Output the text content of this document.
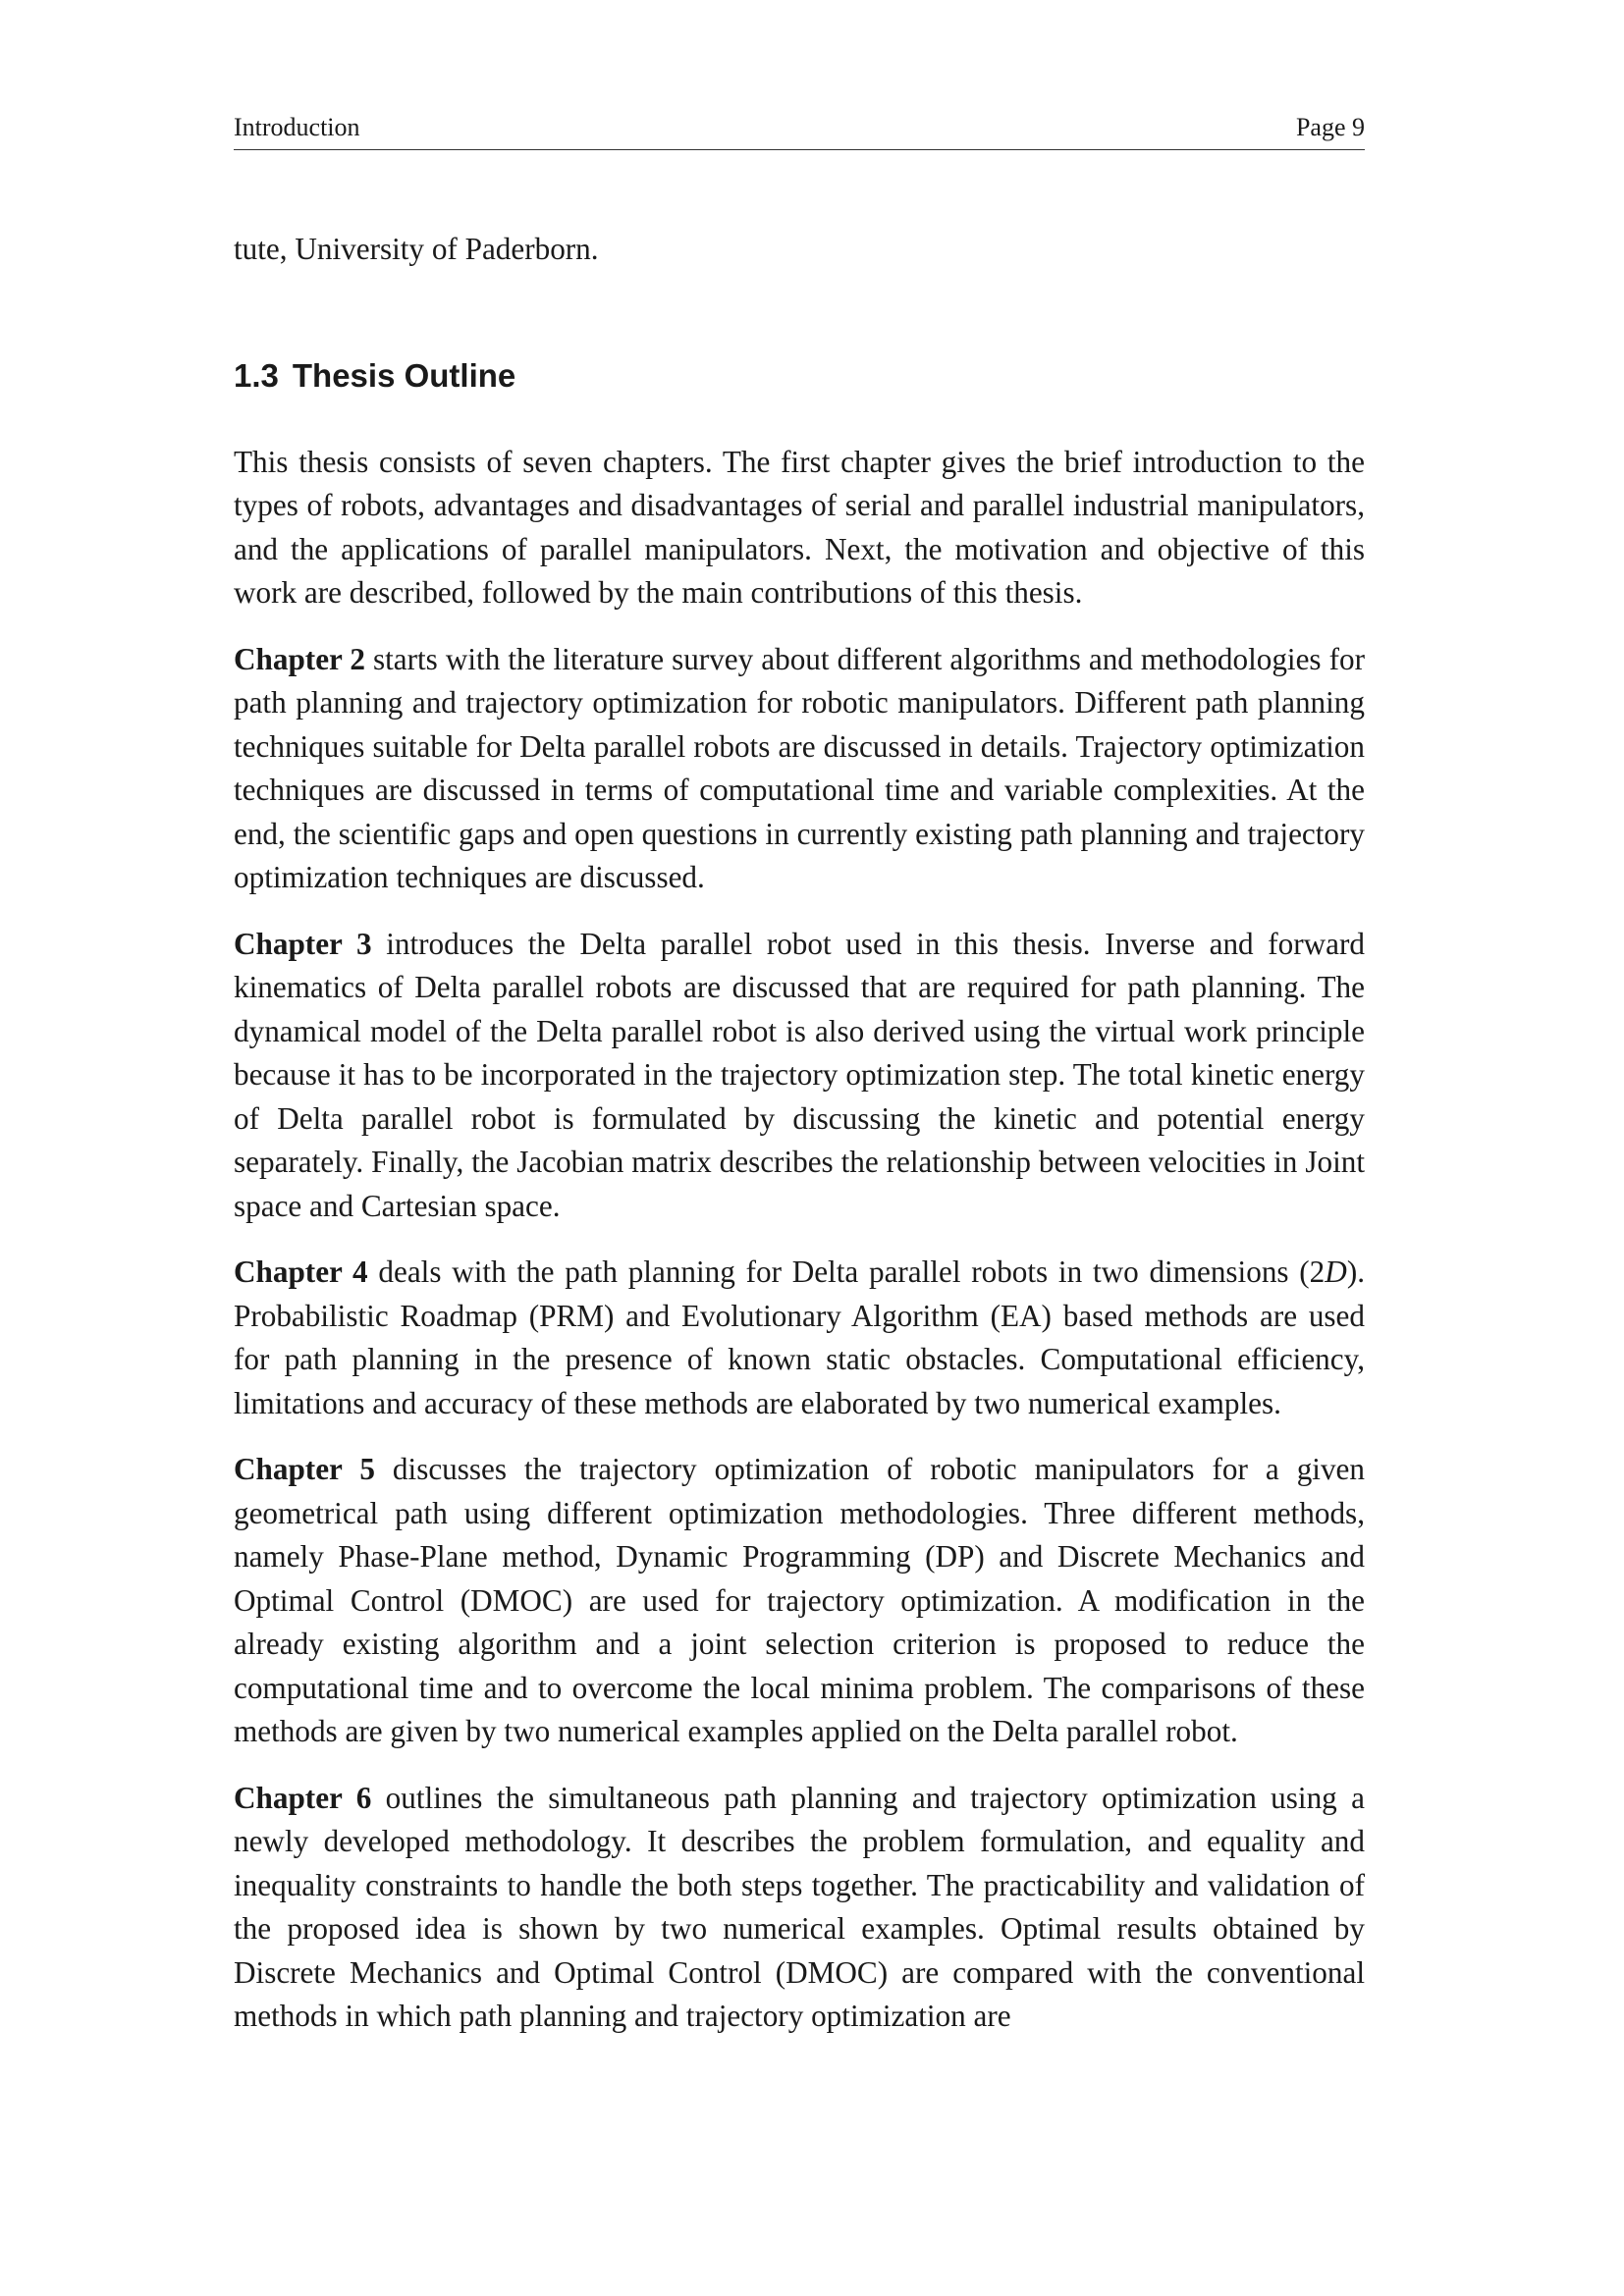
Introduction	Page 9

tute, University of Paderborn.

1.3 Thesis Outline

This thesis consists of seven chapters. The first chapter gives the brief introduction to the types of robots, advantages and disadvantages of serial and parallel industrial manipulators, and the applications of parallel manipulators. Next, the motivation and objective of this work are described, followed by the main contributions of this thesis.

Chapter 2 starts with the literature survey about different algorithms and methodologies for path planning and trajectory optimization for robotic manipulators. Different path planning techniques suitable for Delta parallel robots are discussed in details. Trajectory optimization techniques are discussed in terms of computational time and variable complexities. At the end, the scientific gaps and open questions in currently existing path planning and trajectory optimization techniques are discussed.

Chapter 3 introduces the Delta parallel robot used in this thesis. Inverse and forward kinematics of Delta parallel robots are discussed that are required for path planning. The dynamical model of the Delta parallel robot is also derived using the virtual work principle because it has to be incorporated in the trajectory optimization step. The total kinetic energy of Delta parallel robot is formulated by discussing the kinetic and potential energy separately. Finally, the Jacobian matrix describes the relationship between velocities in Joint space and Cartesian space.

Chapter 4 deals with the path planning for Delta parallel robots in two dimensions (2D). Probabilistic Roadmap (PRM) and Evolutionary Algorithm (EA) based methods are used for path planning in the presence of known static obstacles. Computational efficiency, limitations and accuracy of these methods are elaborated by two numerical examples.

Chapter 5 discusses the trajectory optimization of robotic manipulators for a given geometrical path using different optimization methodologies. Three different methods, namely Phase-Plane method, Dynamic Programming (DP) and Discrete Mechanics and Optimal Control (DMOC) are used for trajectory optimization. A modification in the already existing algorithm and a joint selection criterion is proposed to reduce the computational time and to overcome the local minima problem. The comparisons of these methods are given by two numerical examples applied on the Delta parallel robot.

Chapter 6 outlines the simultaneous path planning and trajectory optimization using a newly developed methodology. It describes the problem formulation, and equality and inequality constraints to handle the both steps together. The practicability and validation of the proposed idea is shown by two numerical examples. Optimal results obtained by Discrete Mechanics and Optimal Control (DMOC) are compared with the conventional methods in which path planning and trajectory optimization are
